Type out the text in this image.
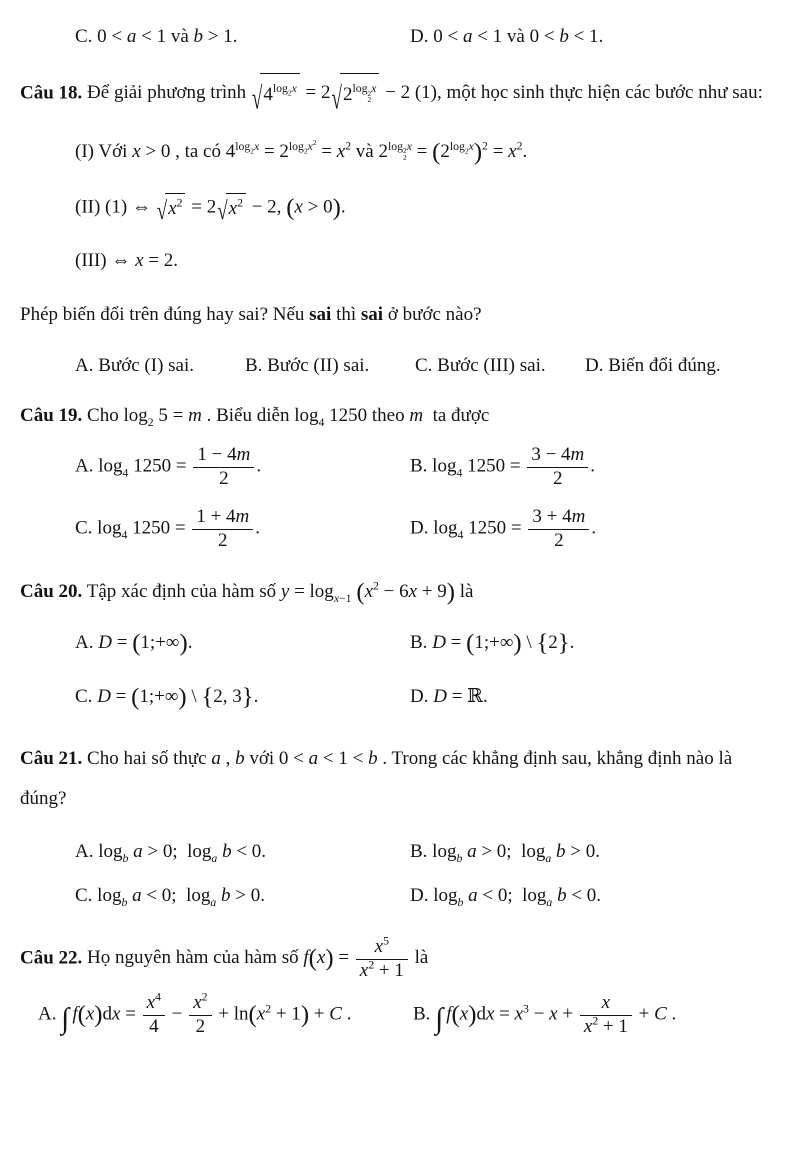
C. 0 < a < 1 và b > 1.	D. 0 < a < 1 và 0 < b < 1.

Câu 18. Để giải phương trình √ $4^{log_2x} = 2$ √ $2^{log 2 2 x} - 2$ (1), một học sinh thực hiện các bước như sau:

(I) Với x > 0 , ta có $4^{log_2x} = 2^{log_2x^2} = x^2$ và $2^{log 2 2 x} = (2^{log_2x})^2 = x^2$.

(II) (1) ⇔ √ $x^2 = 2$ √ $x^2 - 2$, (x > 0).

(III) ⇔ x = 2.

Phép biến đổi trên đúng hay sai? Nếu sai thì sai ở bước nào?

A. Bước (I) sai.	B. Bước (II) sai.	C. Bước (III) sai.	D. Biến đổi đúng.

Câu 19. Cho $\log_2 5 = m$ . Biểu diễn $\log_4 1250$ theo m  ta được

A. $\log_4 1250 = \frac{1 - 4m}{2}$ .	B. $\log_4 1250 = \frac{3 - 4m}{2}$ .
C. $\log_4 1250 = \frac{1 + 4m}{2}$ .	D. $\log_4 1250 = \frac{3 + 4m}{2}$ .

Câu 20. Tập xác định của hàm số $y = \log_{x-1} (x^2 - 6x + 9)$ là

A. D = (1;+∞).	B. D = (1;+∞) \ {2}.
C. D = (1;+∞) \ {2, 3}.	D. D = ℝ.

Câu 21. Cho hai số thực a , b với 0 < a < 1 < b . Trong các khẳng định sau, khẳng định nào là đúng?

A. $\log_b a > 0$;  $\log_a b < 0$.	B. $\log_b a > 0$;  $\log_a b > 0$.
C. $\log_b a < 0$;  $\log_a b > 0$.	D. $\log_b a < 0$;  $\log_a b < 0$.

Câu 22. Họ nguyên hàm của hàm số $f(x) = \frac{x^5}{x^2 + 1}$ là

A. ∫ $f(x)dx = \frac{x^4}{4} - \frac{x^2}{2} + \ln(x^2 + 1) + C$ .	B. ∫ $f(x)dx = x^3 - x + \frac{x}{x^2 + 1} + C$ .
